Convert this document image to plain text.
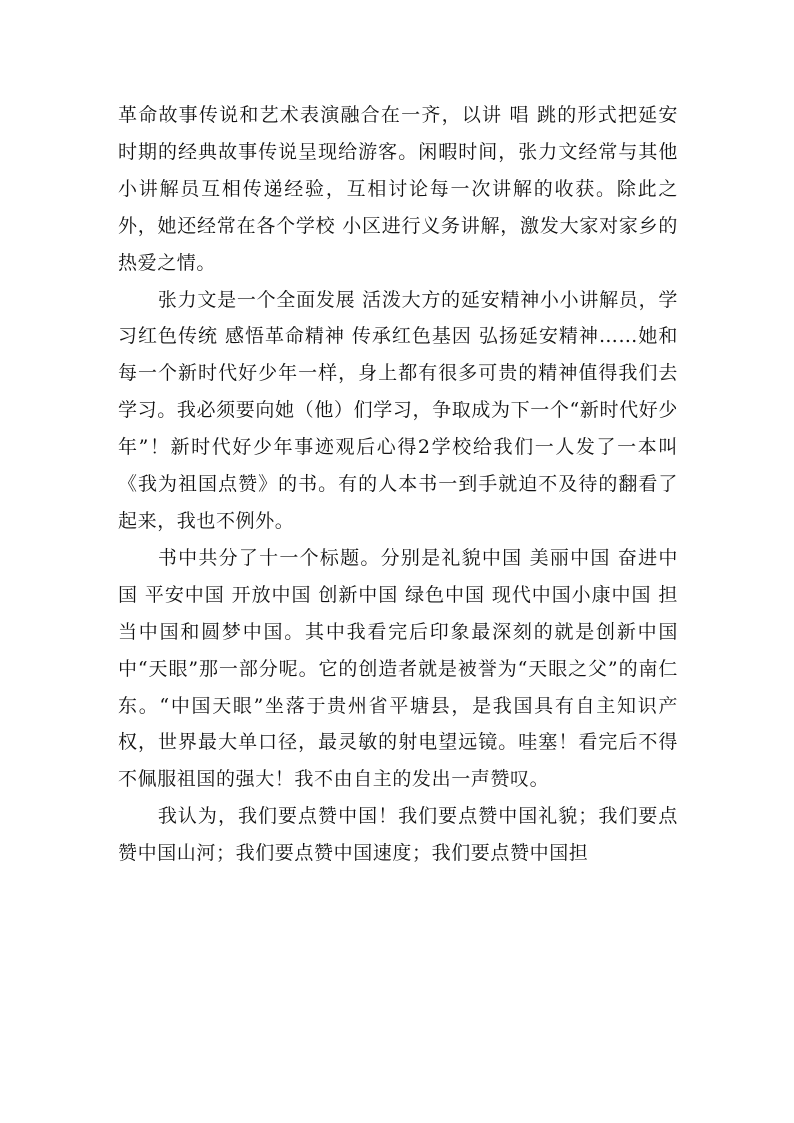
革命故事传说和艺术表演融合在一齐，以讲 唱 跳的形式把延安时期的经典故事传说呈现给游客。闲暇时间，张力文经常与其他小讲解员互相传递经验，互相讨论每一次讲解的收获。除此之外，她还经常在各个学校 小区进行义务讲解，激发大家对家乡的热爱之情。

张力文是一个全面发展 活泼大方的延安精神小小讲解员，学习红色传统 感悟革命精神 传承红色基因 弘扬延安精神……她和每一个新时代好少年一样，身上都有很多可贵的精神值得我们去学习。我必须要向她（他）们学习，争取成为下一个“新时代好少年”！新时代好少年事迹观后心得2学校给我们一人发了一本叫《我为祖国点赞》的书。有的人本书一到手就迫不及待的翻看了起来，我也不例外。

书中共分了十一个标题。分别是礼貌中国 美丽中国 奋进中国 平安中国 开放中国 创新中国 绿色中国 现代中国小康中国 担当中国和圆梦中国。其中我看完后印象最深刻的就是创新中国中“天眼”那一部分呢。它的创造者就是被誉为“天眼之父”的南仁东。“中国天眼”坐落于贵州省平塘县，是我国具有自主知识产权，世界最大单口径，最灵敏的射电望远镜。哇塞！看完后不得不佩服祖国的强大！我不由自主的发出一声赞叹。

我认为，我们要点赞中国！我们要点赞中国礼貌；我们要点赞中国山河；我们要点赞中国速度；我们要点赞中国担
